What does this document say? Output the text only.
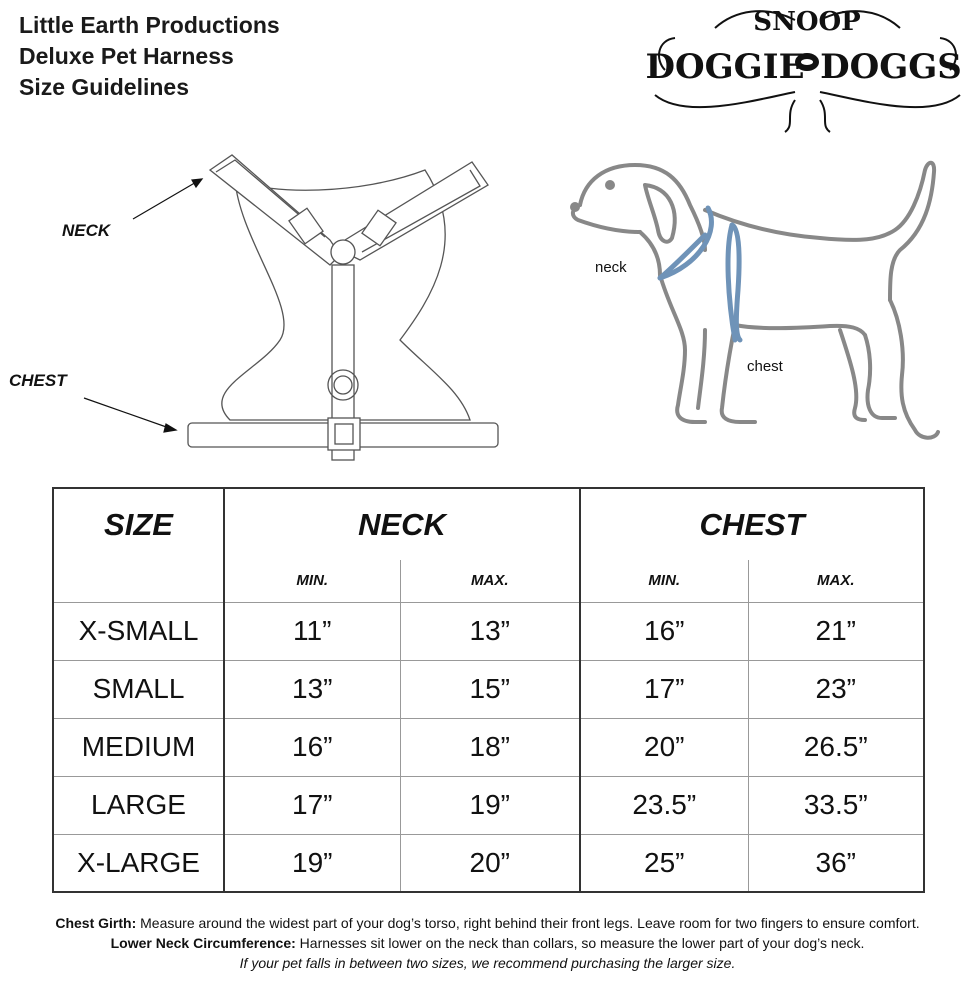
Little Earth Productions
Deluxe Pet Harness
Size Guidelines
SNOOP
DOGGIE DOGGS
NECK
CHEST
neck
chest
SIZE	NECK		CHEST	
	MIN.	MAX.	MIN.	MAX.
X-SMALL	11”	13”	16”	21”
SMALL	13”	15”	17”	23”
MEDIUM	16”	18”	20”	26.5”
LARGE	17”	19”	23.5”	33.5”
X-LARGE	19”	20”	25”	36”
Chest Girth: Measure around the widest part of your dog’s torso, right behind their front legs. Leave room for two fingers to ensure comfort.
Lower Neck Circumference: Harnesses sit lower on the neck than collars, so measure the lower part of your dog’s neck.
If your pet falls in between two sizes, we recommend purchasing the larger size.
